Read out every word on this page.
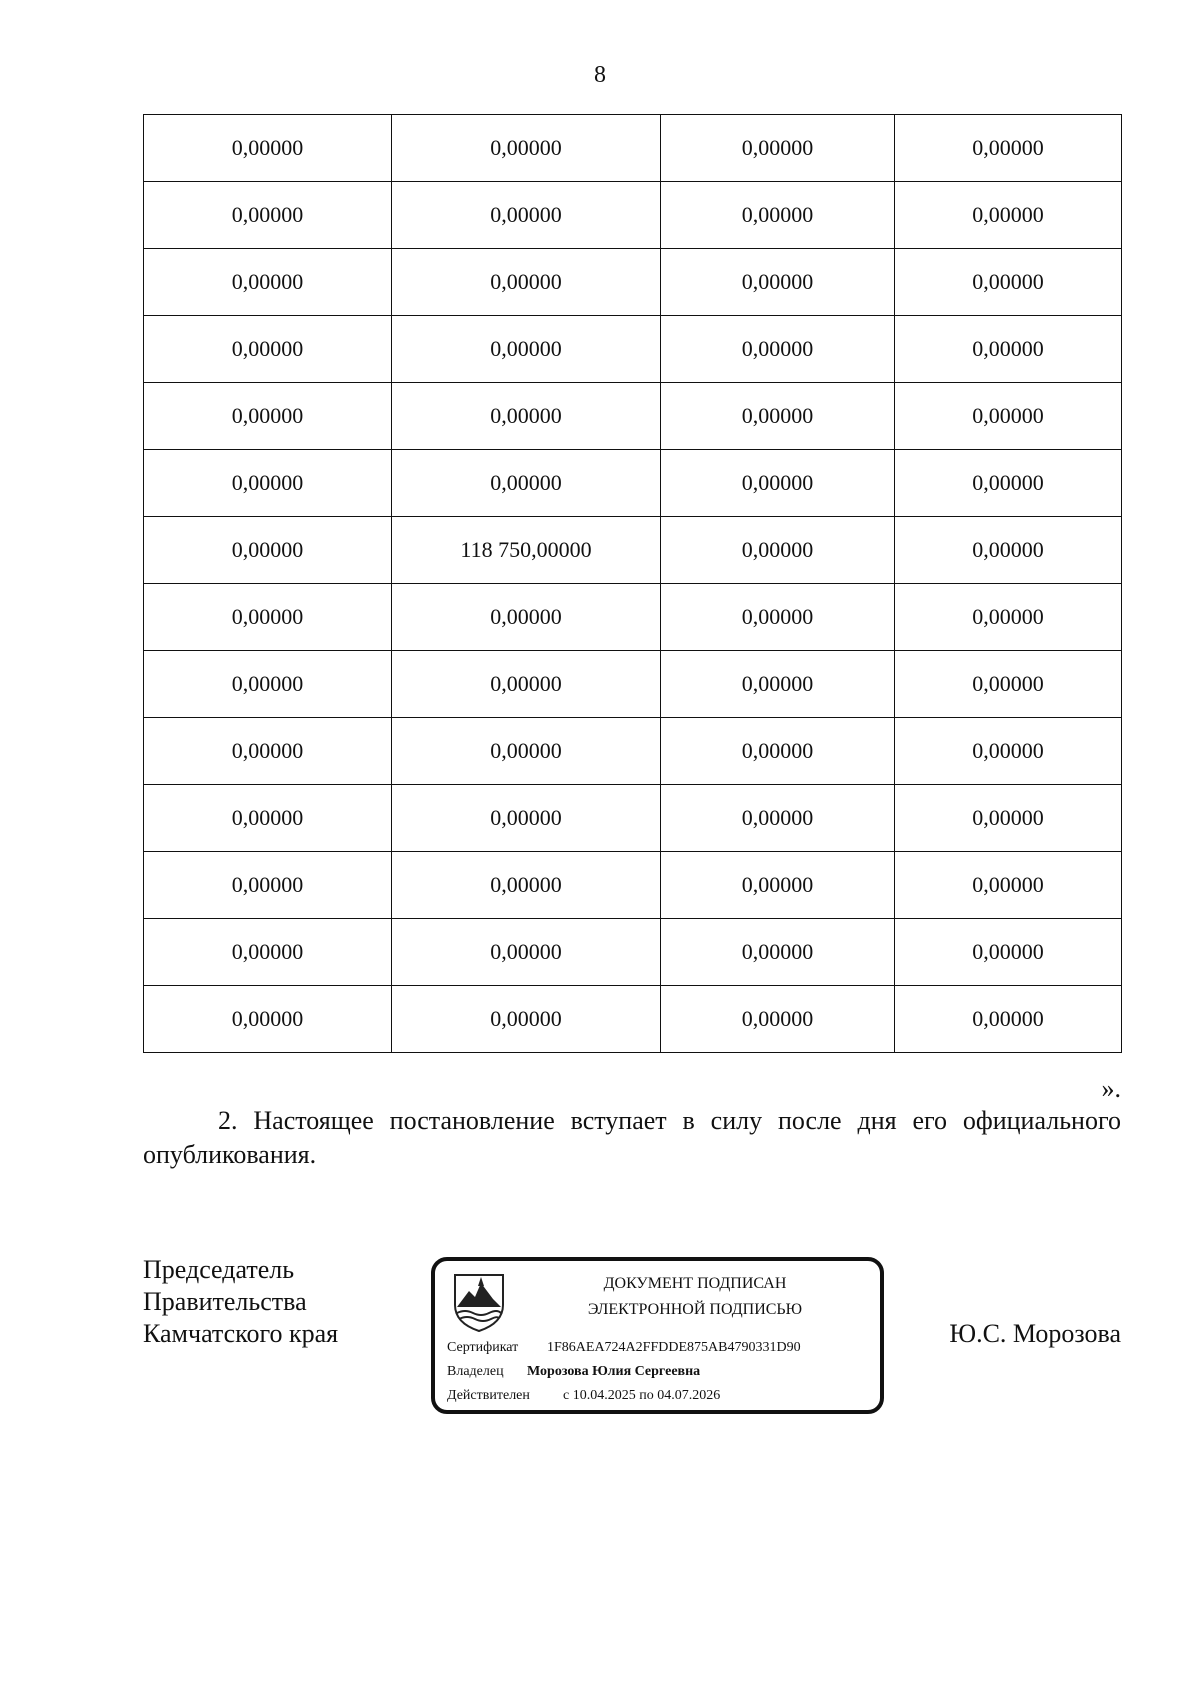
8
0,00000	0,00000	0,00000	0,00000
0,00000	0,00000	0,00000	0,00000
0,00000	0,00000	0,00000	0,00000
0,00000	0,00000	0,00000	0,00000
0,00000	0,00000	0,00000	0,00000
0,00000	0,00000	0,00000	0,00000
0,00000	118 750,00000	0,00000	0,00000
0,00000	0,00000	0,00000	0,00000
0,00000	0,00000	0,00000	0,00000
0,00000	0,00000	0,00000	0,00000
0,00000	0,00000	0,00000	0,00000
0,00000	0,00000	0,00000	0,00000
0,00000	0,00000	0,00000	0,00000
0,00000	0,00000	0,00000	0,00000
».

2. Настоящее постановление вступает в силу после дня его официального опубликования.

Председатель
Правительства
Камчатского края
ДОКУМЕНТ ПОДПИСАН
ЭЛЕКТРОННОЙ ПОДПИСЬЮ
Сертификат 1F86AEA724A2FFDDE875AB4790331D90
Владелец Морозова Юлия Сергеевна
Действителен с 10.04.2025 по 04.07.2026
Ю.С. Морозова
